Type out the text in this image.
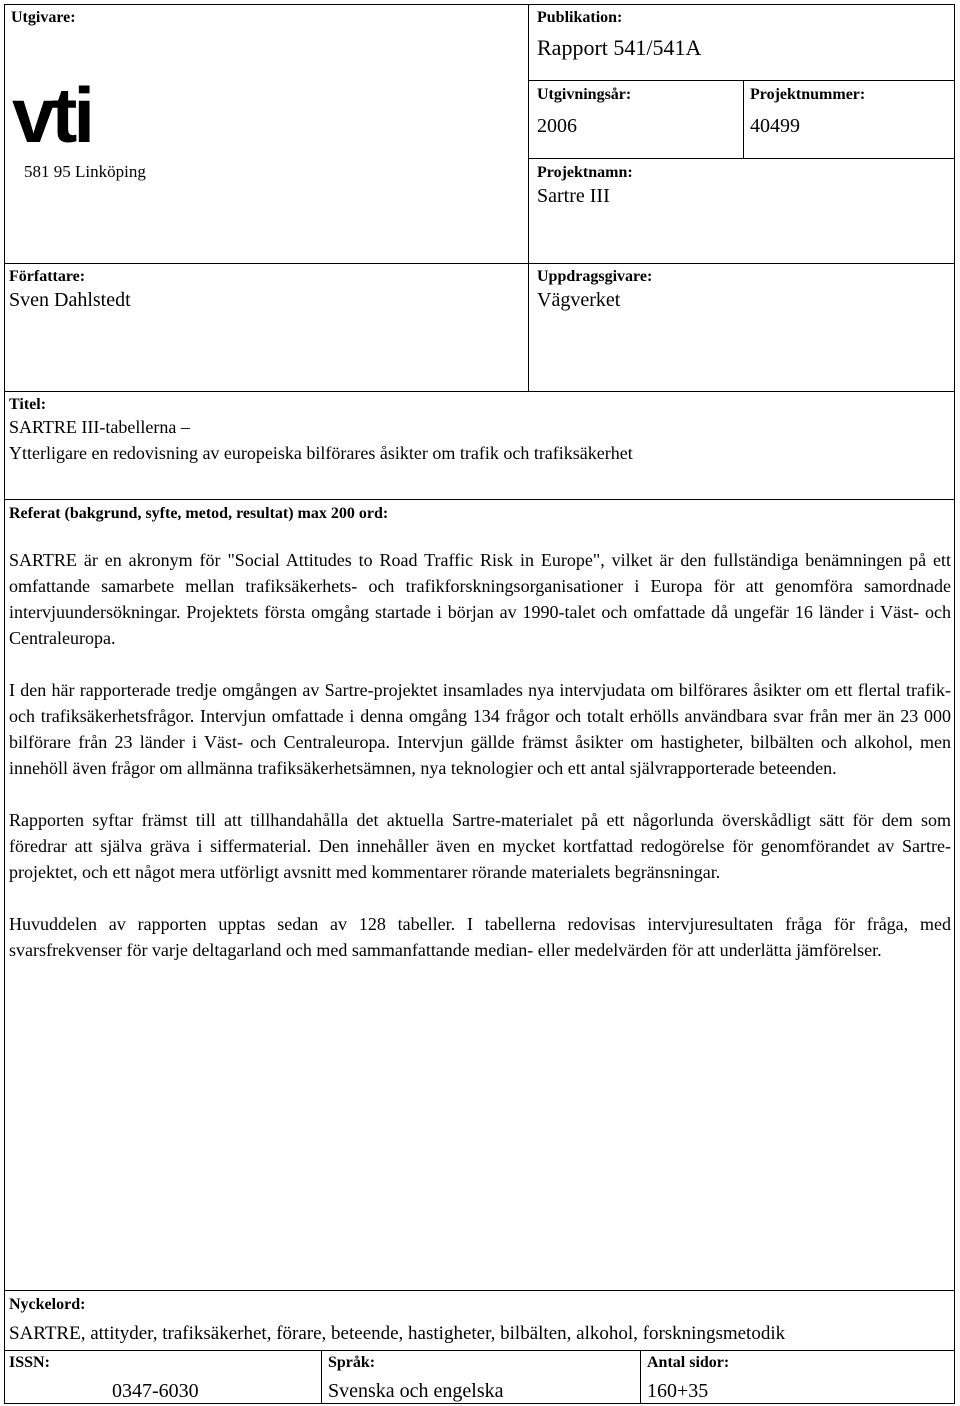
Utgivare:
vti
581 95 Linköping
Publikation:
Rapport 541/541A
Utgivningsår:
2006
Projektnummer:
40499
Projektnamn:
Sartre III
Författare:
Sven Dahlstedt
Uppdragsgivare:
Vägverket
Titel:
SARTRE III-tabellerna –
Ytterligare en redovisning av europeiska bilförares åsikter om trafik och trafiksäkerhet
Referat (bakgrund, syfte, metod, resultat) max 200 ord:

SARTRE är en akronym för "Social Attitudes to Road Traffic Risk in Europe", vilket är den fullständiga benämningen på ett omfattande samarbete mellan trafiksäkerhets- och trafikforskningsorganisationer i Europa för att genomföra samordnade intervjuundersökningar. Projektets första omgång startade i början av 1990-talet och omfattade då ungefär 16 länder i Väst- och Centraleuropa.

I den här rapporterade tredje omgången av Sartre-projektet insamlades nya intervjudata om bilförares åsikter om ett flertal trafik- och trafiksäkerhetsfrågor. Intervjun omfattade i denna omgång 134 frågor och totalt erhölls användbara svar från mer än 23 000 bilförare från 23 länder i Väst- och Centraleuropa. Intervjun gällde främst åsikter om hastigheter, bilbälten och alkohol, men innehöll även frågor om allmänna trafiksäkerhetsämnen, nya teknologier och ett antal självrapporterade beteenden.

Rapporten syftar främst till att tillhandahålla det aktuella Sartre-materialet på ett någorlunda överskådligt sätt för dem som föredrar att själva gräva i siffermaterial. Den innehåller även en mycket kortfattad redogörelse för genomförandet av Sartre-projektet, och ett något mera utförligt avsnitt med kommentarer rörande materialets begränsningar.

Huvuddelen av rapporten upptas sedan av 128 tabeller. I tabellerna redovisas intervjuresultaten fråga för fråga, med svarsfrekvenser för varje deltagarland och med sammanfattande median- eller medelvärden för att underlätta jämförelser.

Nyckelord:
SARTRE, attityder, trafiksäkerhet, förare, beteende, hastigheter, bilbälten, alkohol, forskningsmetodik
ISSN:
0347-6030
Språk:
Svenska och engelska
Antal sidor:
160+35
